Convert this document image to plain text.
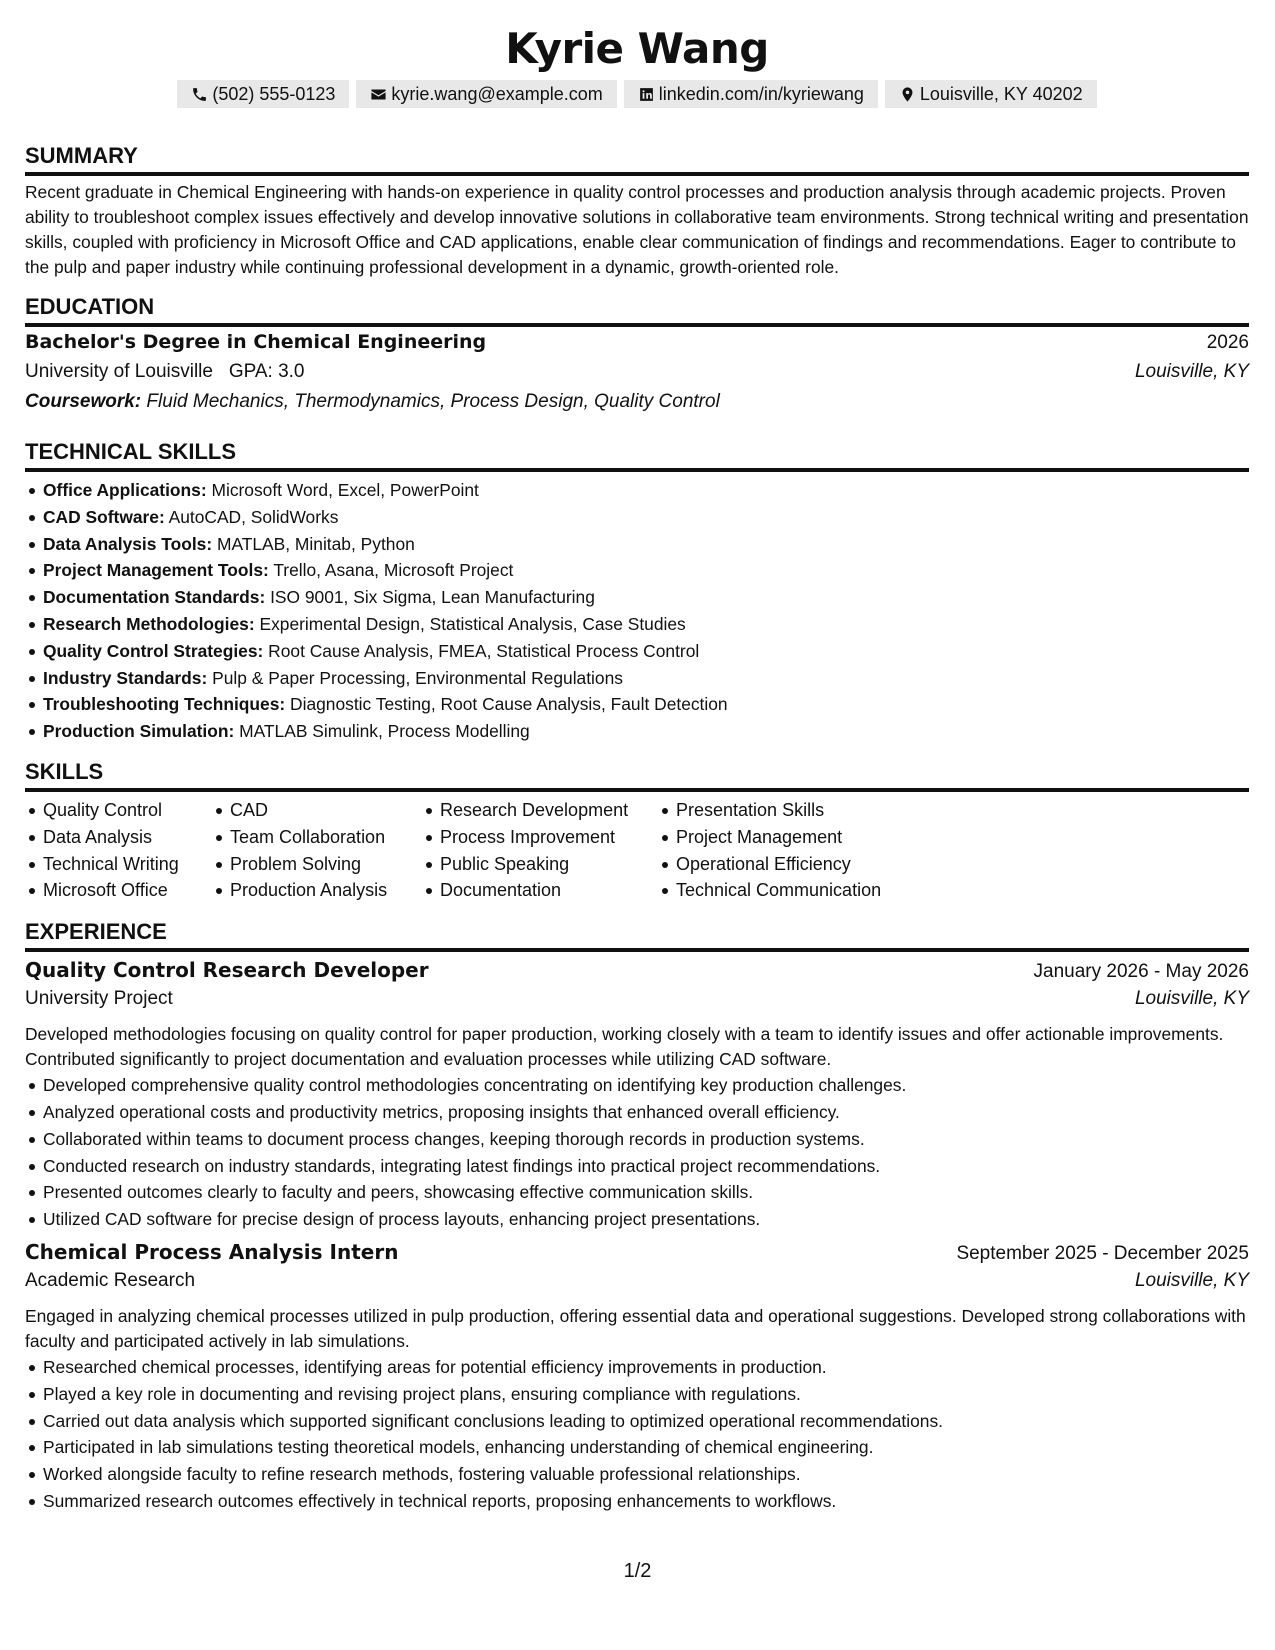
Kyrie Wang
(502) 555-0123	kyrie.wang@example.com	linkedin.com/in/kyriewang	Louisville, KY 40202
SUMMARY
Recent graduate in Chemical Engineering with hands-on experience in quality control processes and production analysis through academic projects. Proven ability to troubleshoot complex issues effectively and develop innovative solutions in collaborative team environments. Strong technical writing and presentation skills, coupled with proficiency in Microsoft Office and CAD applications, enable clear communication of findings and recommendations. Eager to contribute to the pulp and paper industry while continuing professional development in a dynamic, growth-oriented role.
EDUCATION
Bachelor's Degree in Chemical Engineering	2026
University of Louisville GPA: 3.0	Louisville, KY
Coursework: Fluid Mechanics, Thermodynamics, Process Design, Quality Control
TECHNICAL SKILLS
Office Applications: Microsoft Word, Excel, PowerPoint
CAD Software: AutoCAD, SolidWorks
Data Analysis Tools: MATLAB, Minitab, Python
Project Management Tools: Trello, Asana, Microsoft Project
Documentation Standards: ISO 9001, Six Sigma, Lean Manufacturing
Research Methodologies: Experimental Design, Statistical Analysis, Case Studies
Quality Control Strategies: Root Cause Analysis, FMEA, Statistical Process Control
Industry Standards: Pulp & Paper Processing, Environmental Regulations
Troubleshooting Techniques: Diagnostic Testing, Root Cause Analysis, Fault Detection
Production Simulation: MATLAB Simulink, Process Modelling
SKILLS
Quality Control
Data Analysis
Technical Writing
Microsoft Office
CAD
Team Collaboration
Problem Solving
Production Analysis
Research Development
Process Improvement
Public Speaking
Documentation
Presentation Skills
Project Management
Operational Efficiency
Technical Communication
EXPERIENCE
Quality Control Research Developer	January 2026 - May 2026
University Project	Louisville, KY
Developed methodologies focusing on quality control for paper production, working closely with a team to identify issues and offer actionable improvements. Contributed significantly to project documentation and evaluation processes while utilizing CAD software.
Developed comprehensive quality control methodologies concentrating on identifying key production challenges.
Analyzed operational costs and productivity metrics, proposing insights that enhanced overall efficiency.
Collaborated within teams to document process changes, keeping thorough records in production systems.
Conducted research on industry standards, integrating latest findings into practical project recommendations.
Presented outcomes clearly to faculty and peers, showcasing effective communication skills.
Utilized CAD software for precise design of process layouts, enhancing project presentations.
Chemical Process Analysis Intern	September 2025 - December 2025
Academic Research	Louisville, KY
Engaged in analyzing chemical processes utilized in pulp production, offering essential data and operational suggestions. Developed strong collaborations with faculty and participated actively in lab simulations.
Researched chemical processes, identifying areas for potential efficiency improvements in production.
Played a key role in documenting and revising project plans, ensuring compliance with regulations.
Carried out data analysis which supported significant conclusions leading to optimized operational recommendations.
Participated in lab simulations testing theoretical models, enhancing understanding of chemical engineering.
Worked alongside faculty to refine research methods, fostering valuable professional relationships.
Summarized research outcomes effectively in technical reports, proposing enhancements to workflows.
1/2
